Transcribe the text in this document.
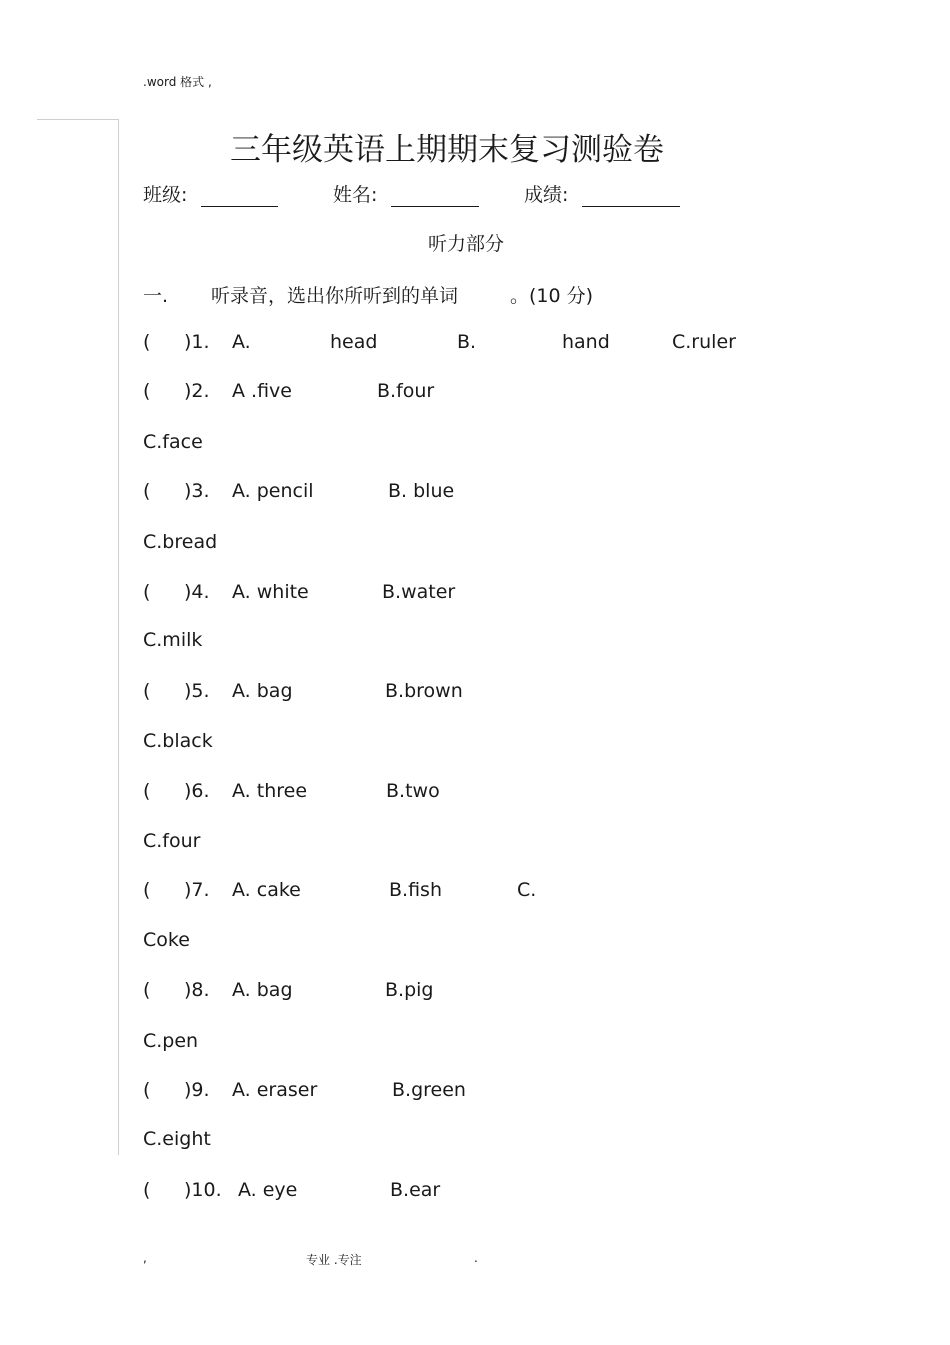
.word 格式 ,
三年级英语上期期末复习测验卷
班级:	姓名:	成绩:
听力部分
一. 听录音，选出你所听到的单词	。(10 分)
( )1. A.	head	B.	hand	C.ruler
( )2. A .five	B.four
C.face
( )3. A. pencil	B. blue
C.bread
( )4. A. white	B.water
C.milk
( )5. A. bag	B.brown
C.black
( )6. A. three	B.two
C.four
( )7. A. cake	B.fish	C.
Coke
( )8. A. bag	B.pig
C.pen
( )9. A. eraser	B.green
C.eight
( )10. A. eye	B.ear
,	专业 .专注	.
